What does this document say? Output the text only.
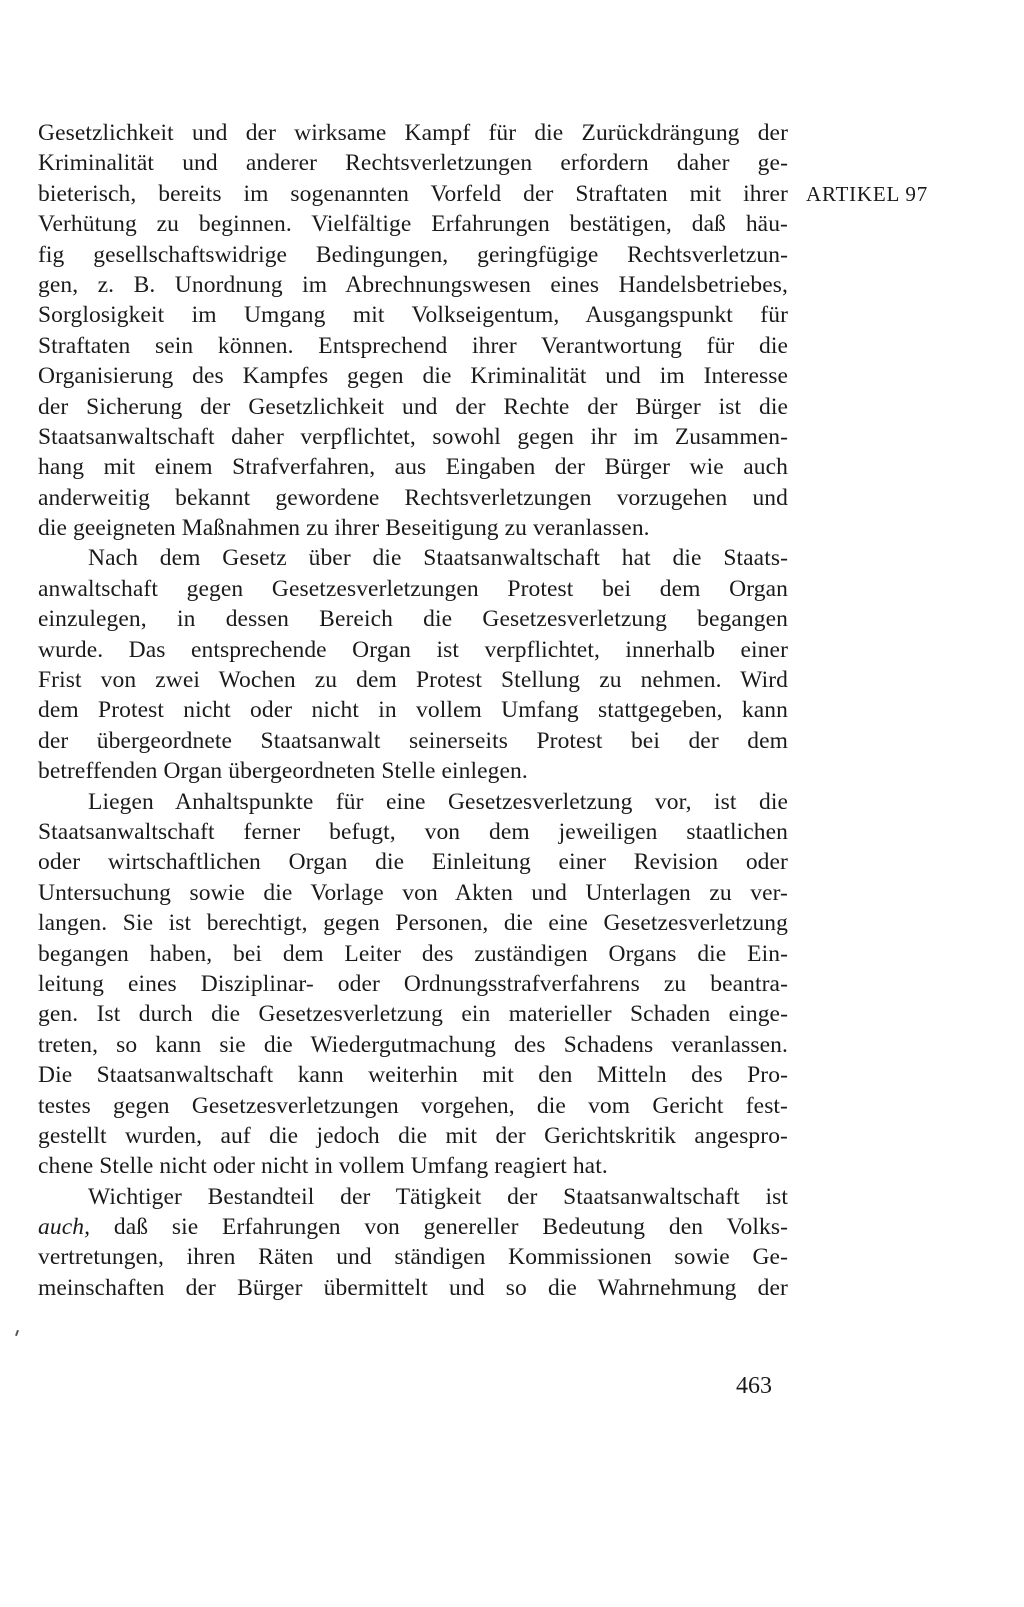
Gesetzlichkeit und der wirksame Kampf für die Zurückdrängung der
Kriminalität und anderer Rechtsverletzungen erfordern daher ge-
bieterisch, bereits im sogenannten Vorfeld der Straftaten mit ihrer
Verhütung zu beginnen. Vielfältige Erfahrungen bestätigen, daß häu-
fig gesellschaftswidrige Bedingungen, geringfügige Rechtsverletzun-
gen, z. B. Unordnung im Abrechnungswesen eines Handelsbetriebes,
Sorglosigkeit im Umgang mit Volkseigentum, Ausgangspunkt für
Straftaten sein können. Entsprechend ihrer Verantwortung für die
Organisierung des Kampfes gegen die Kriminalität und im Interesse
der Sicherung der Gesetzlichkeit und der Rechte der Bürger ist die
Staatsanwaltschaft daher verpflichtet, sowohl gegen ihr im Zusammen-
hang mit einem Strafverfahren, aus Eingaben der Bürger wie auch
anderweitig bekannt gewordene Rechtsverletzungen vorzugehen und
die geeigneten Maßnahmen zu ihrer Beseitigung zu veranlassen.
Nach dem Gesetz über die Staatsanwaltschaft hat die Staats-
anwaltschaft gegen Gesetzesverletzungen Protest bei dem Organ
einzulegen, in dessen Bereich die Gesetzesverletzung begangen
wurde. Das entsprechende Organ ist verpflichtet, innerhalb einer
Frist von zwei Wochen zu dem Protest Stellung zu nehmen. Wird
dem Protest nicht oder nicht in vollem Umfang stattgegeben, kann
der übergeordnete Staatsanwalt seinerseits Protest bei der dem
betreffenden Organ übergeordneten Stelle einlegen.
Liegen Anhaltspunkte für eine Gesetzesverletzung vor, ist die
Staatsanwaltschaft ferner befugt, von dem jeweiligen staatlichen
oder wirtschaftlichen Organ die Einleitung einer Revision oder
Untersuchung sowie die Vorlage von Akten und Unterlagen zu ver-
langen. Sie ist berechtigt, gegen Personen, die eine Gesetzesverletzung
begangen haben, bei dem Leiter des zuständigen Organs die Ein-
leitung eines Disziplinar- oder Ordnungsstrafverfahrens zu beantra-
gen. Ist durch die Gesetzesverletzung ein materieller Schaden einge-
treten, so kann sie die Wiedergutmachung des Schadens veranlassen.
Die Staatsanwaltschaft kann weiterhin mit den Mitteln des Pro-
testes gegen Gesetzesverletzungen vorgehen, die vom Gericht fest-
gestellt wurden, auf die jedoch die mit der Gerichtskritik angespro-
chene Stelle nicht oder nicht in vollem Umfang reagiert hat.
Wichtiger Bestandteil der Tätigkeit der Staatsanwaltschaft ist
auch, daß sie Erfahrungen von genereller Bedeutung den Volks-
vertretungen, ihren Räten und ständigen Kommissionen sowie Ge-
meinschaften der Bürger übermittelt und so die Wahrnehmung der
ARTIKEL 97
463
